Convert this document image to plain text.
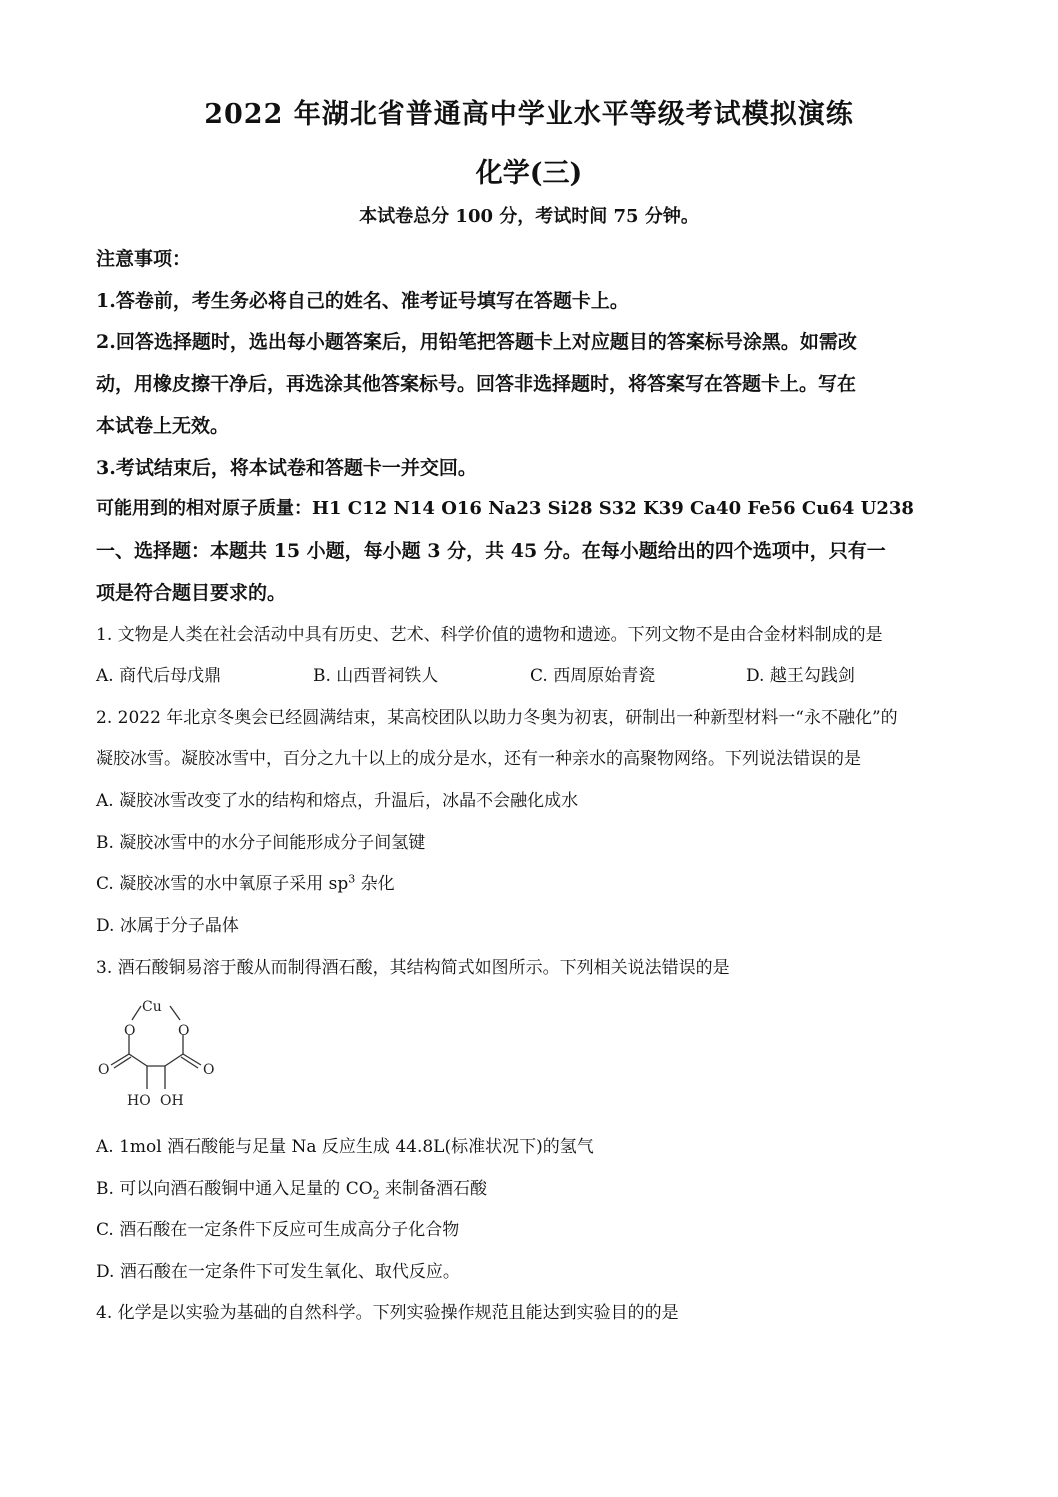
2022 年湖北省普通高中学业水平等级考试模拟演练
化学(三)
本试卷总分 100 分，考试时间 75 分钟。
注意事项：
1.答卷前，考生务必将自己的姓名、准考证号填写在答题卡上。
2.回答选择题时，选出每小题答案后，用铅笔把答题卡上对应题目的答案标号涂黑。如需改
动，用橡皮擦干净后，再选涂其他答案标号。回答非选择题时，将答案写在答题卡上。写在
本试卷上无效。
3.考试结束后，将本试卷和答题卡一并交回。
可能用到的相对原子质量：H1 C12 N14 O16 Na23 Si28 S32 K39 Ca40 Fe56 Cu64 U238
一、选择题：本题共 15 小题，每小题 3 分，共 45 分。在每小题给出的四个选项中，只有一
项是符合题目要求的。
1. 文物是人类在社会活动中具有历史、艺术、科学价值的遗物和遗迹。下列文物不是由合金材料制成的是
A. 商代后母戊鼎	B. 山西晋祠铁人	C. 西周原始青瓷	D. 越王勾践剑
2. 2022 年北京冬奥会已经圆满结束，某高校团队以助力冬奥为初衷，研制出一种新型材料一“永不融化”的
凝胶冰雪。凝胶冰雪中，百分之九十以上的成分是水，还有一种亲水的高聚物网络。下列说法错误的是
A. 凝胶冰雪改变了水的结构和熔点，升温后，冰晶不会融化成水
B. 凝胶冰雪中的水分子间能形成分子间氢键
C. 凝胶冰雪的水中氧原子采用 $sp^3$ 杂化
D. 冰属于分子晶体
3. 酒石酸铜易溶于酸从而制得酒石酸，其结构简式如图所示。下列相关说法错误的是
Cu
O	O
O	O
HO OH
A. 1mol 酒石酸能与足量 Na 反应生成 44.8L(标准状况下)的氢气
B. 可以向酒石酸铜中通入足量的 $CO_2$ 来制备酒石酸
C. 酒石酸在一定条件下反应可生成高分子化合物
D. 酒石酸在一定条件下可发生氧化、取代反应。
4. 化学是以实验为基础的自然科学。下列实验操作规范且能达到实验目的的是
